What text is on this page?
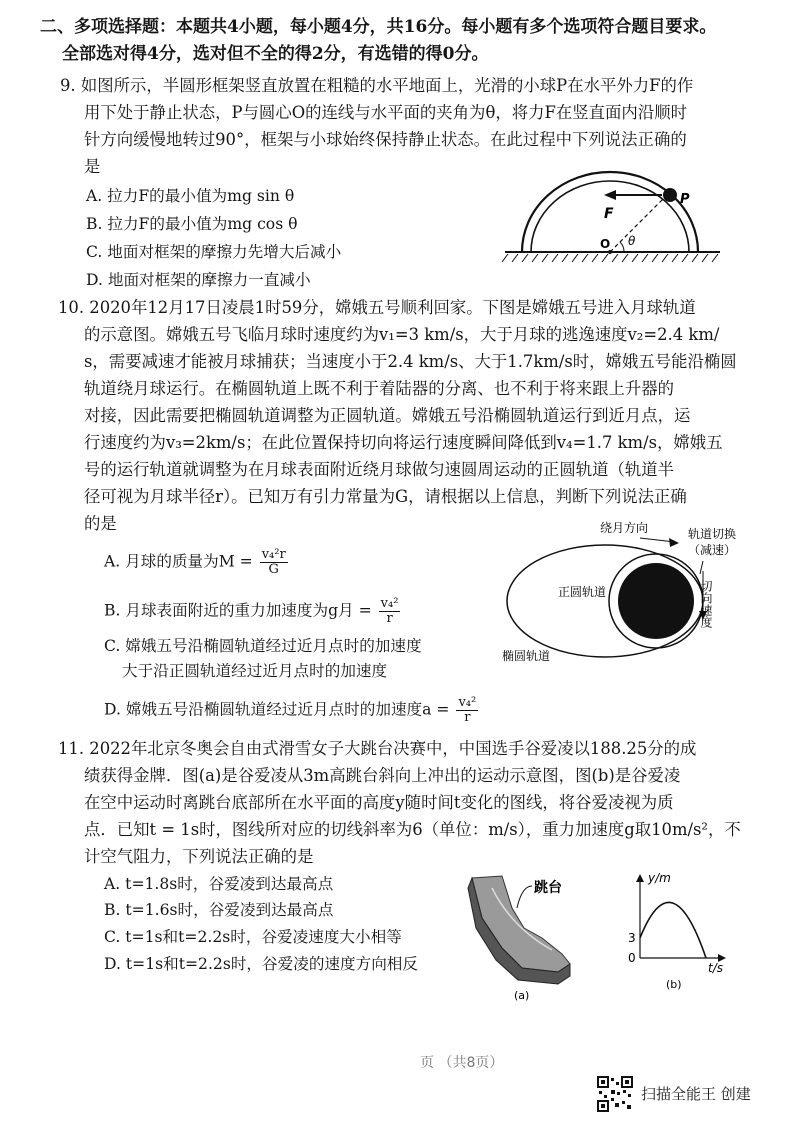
二、多项选择题：本题共4小题，每小题4分，共16分。每小题有多个选项符合题目要求。
全部选对得4分，选对但不全的得2分，有选错的得0分。
9. 如图所示，半圆形框架竖直放置在粗糙的水平地面上，光滑的小球P在水平外力F的作
用下处于静止状态，P与圆心O的连线与水平面的夹角为θ，将力F在竖直面内沿顺时
针方向缓慢地转过90°，框架与小球始终保持静止状态。在此过程中下列说法正确的
是
A. 拉力F的最小值为mg sin θ
B. 拉力F的最小值为mg cos θ
C. 地面对框架的摩擦力先增大后减小
D. 地面对框架的摩擦力一直减小
F
P
O θ
10. 2020年12月17日凌晨1时59分，嫦娥五号顺利回家。下图是嫦娥五号进入月球轨道
的示意图。嫦娥五号飞临月球时速度约为v₁=3 km/s，大于月球的逃逸速度v₂=2.4 km/
s，需要减速才能被月球捕获；当速度小于2.4 km/s、大于1.7km/s时，嫦娥五号能沿椭圆
轨道绕月球运行。在椭圆轨道上既不利于着陆器的分离、也不利于将来跟上升器的
对接，因此需要把椭圆轨道调整为正圆轨道。嫦娥五号沿椭圆轨道运行到近月点，运
行速度约为v₃=2km/s；在此位置保持切向将运行速度瞬间降低到v₄=1.7 km/s，嫦娥五
号的运行轨道就调整为在月球表面附近绕月球做匀速圆周运动的正圆轨道（轨道半
径可视为月球半径r）。已知万有引力常量为G，请根据以上信息，判断下列说法正确
的是
A. 月球的质量为$M = \frac{\text{v₄²r}}{G}$
B. 月球表面附近的重力加速度为g月 = $\frac{\text{v₄²}}{r}$
C. 嫦娥五号沿椭圆轨道经过近月点时的加速度
大于沿正圆轨道经过近月点时的加速度
D. 嫦娥五号沿椭圆轨道经过近月点时的加速度$a = \frac{\text{v₄²}}{r}$
绕月方向	轨道切换
（减速）
正圆轨道
椭圆轨道
切向速度
11. 2022年北京冬奥会自由式滑雪女子大跳台决赛中，中国选手谷爱凌以188.25分的成
绩获得金牌．图(a)是谷爱凌从3m高跳台斜向上冲出的运动示意图，图(b)是谷爱凌
在空中运动时离跳台底部所在水平面的高度y随时间t变化的图线，将谷爱凌视为质
点．已知t = 1s时，图线所对应的切线斜率为6（单位：m/s），重力加速度g取10m/s²，不
计空气阻力，下列说法正确的是
A. t=1.8s时，谷爱凌到达最高点
B. t=1.6s时，谷爱凌到达最高点
C. t=1s和t=2.2s时，谷爱凌速度大小相等
D. t=1s和t=2.2s时，谷爱凌的速度方向相反
跳台
(a)
y/m
t/s
3
0
(b)
页 （共8页）
扫描全能王 创建
